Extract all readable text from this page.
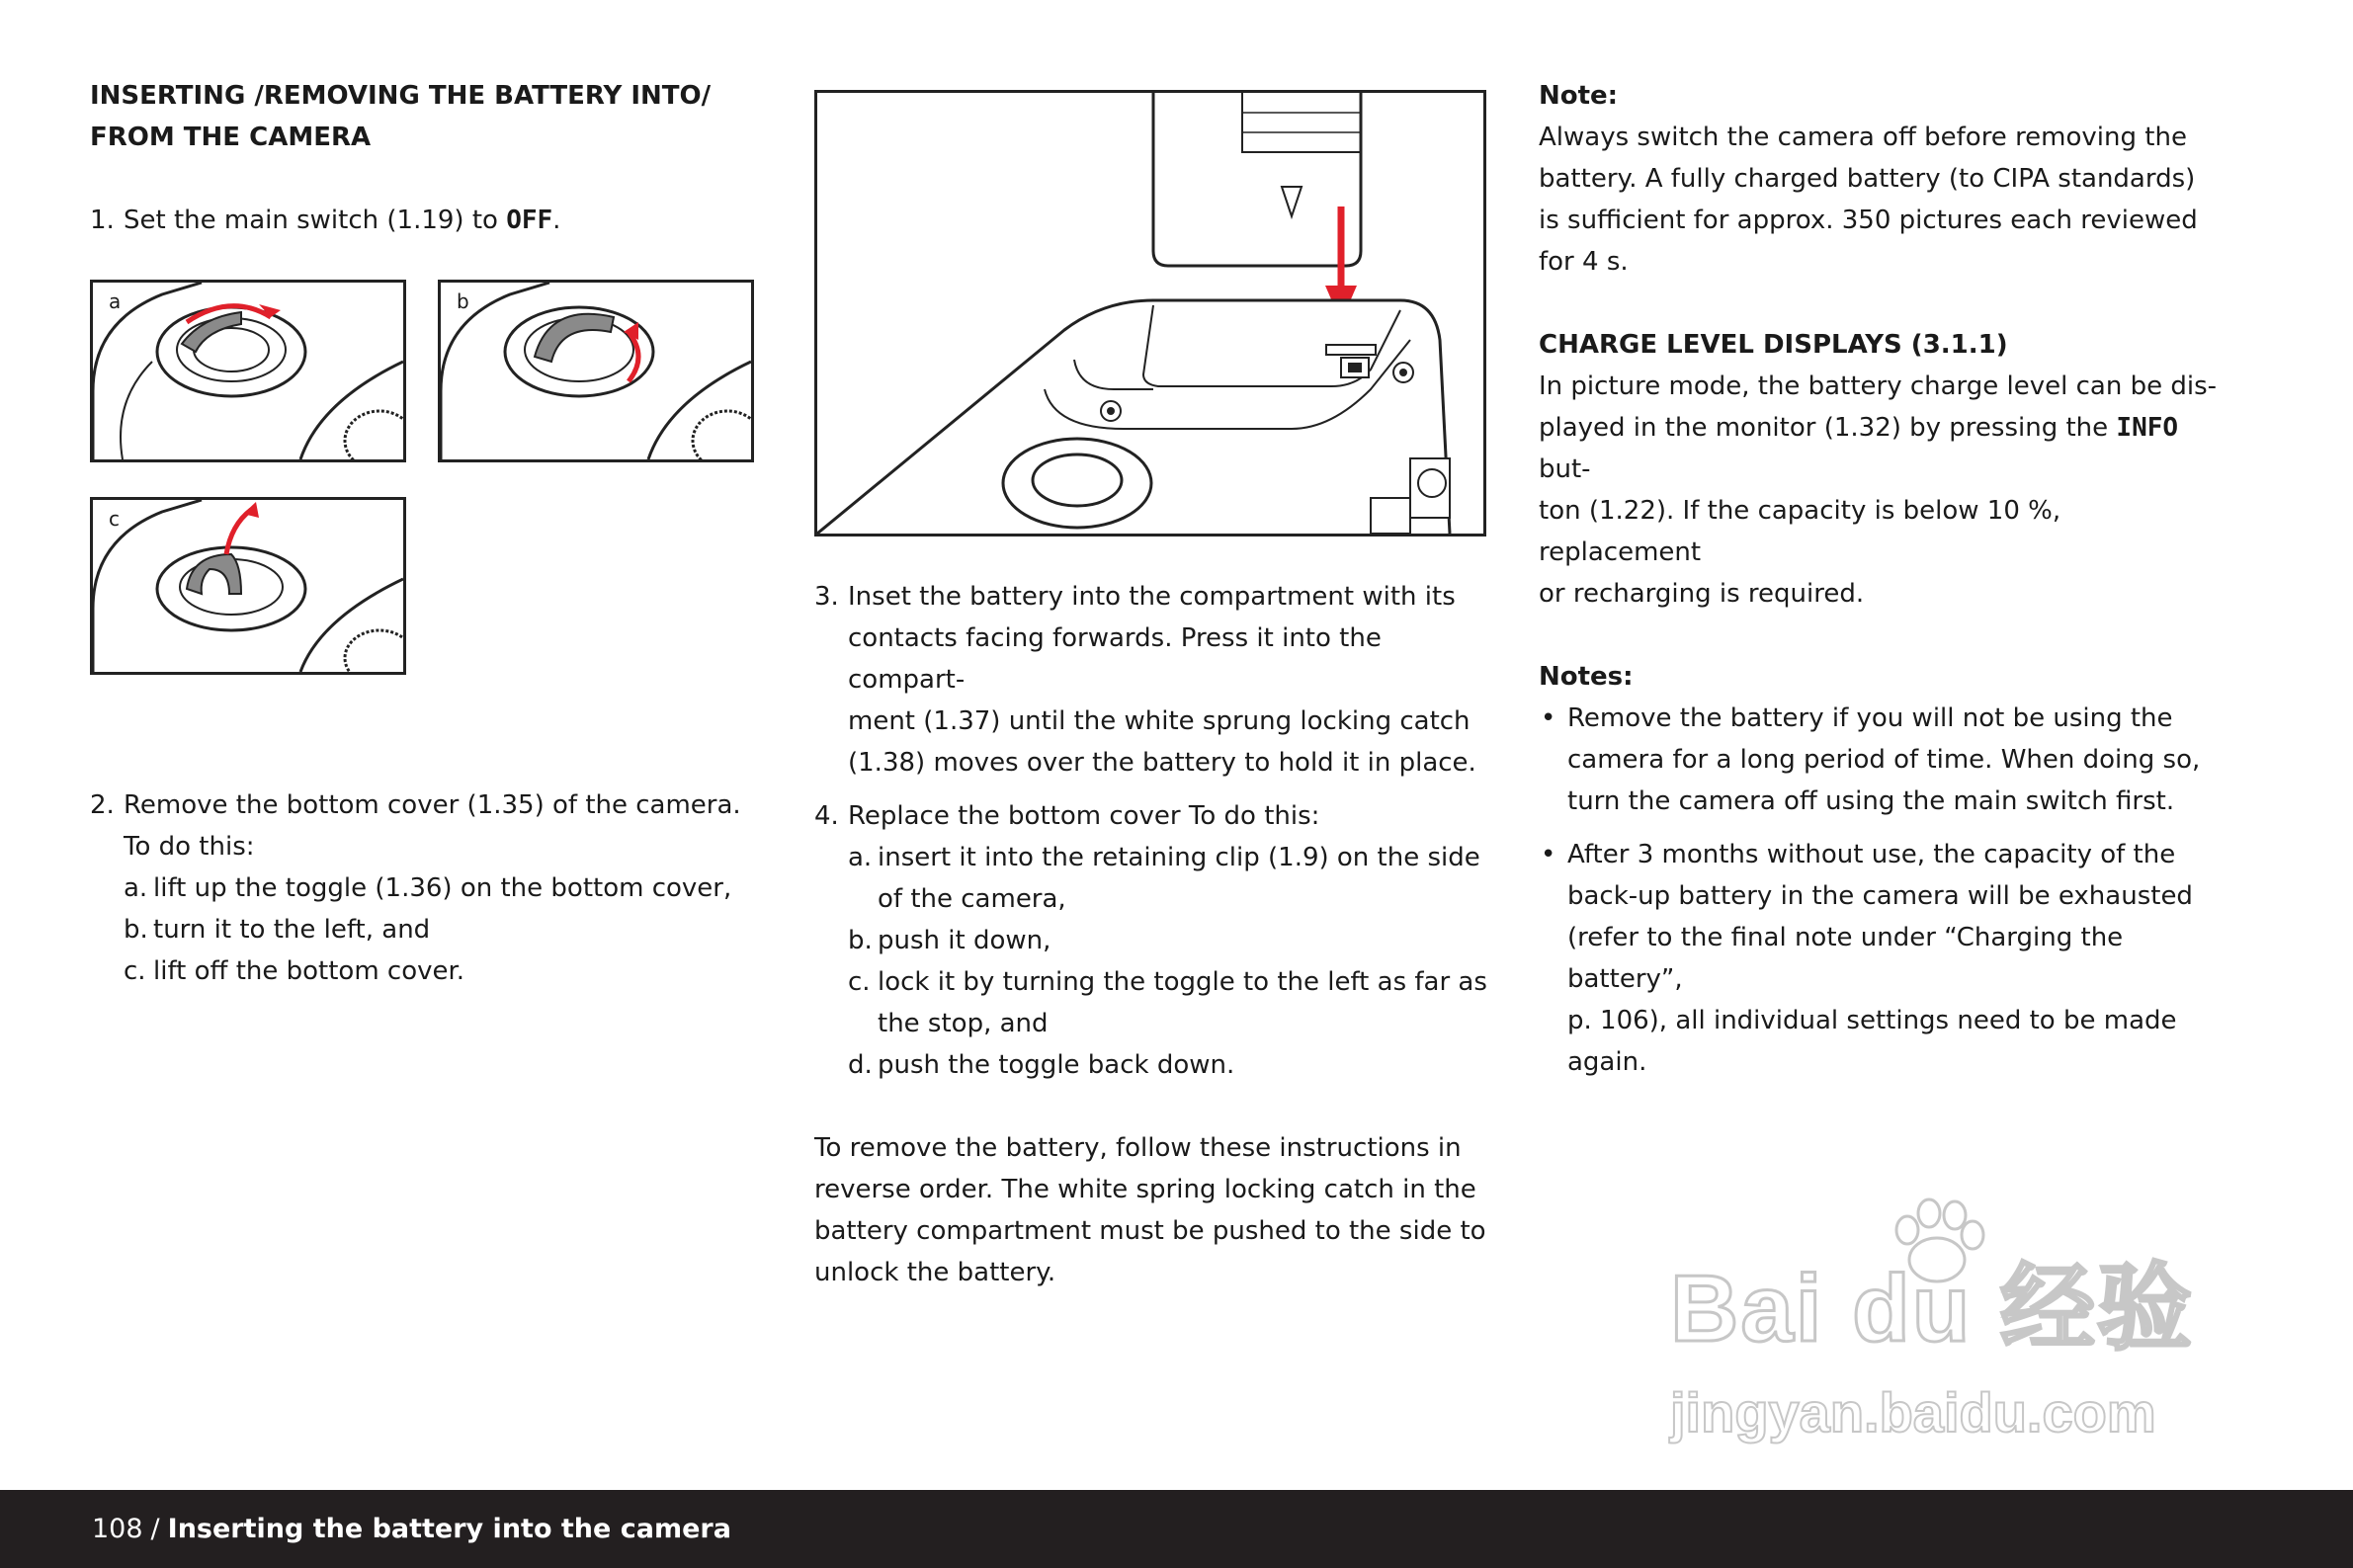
INSERTING /REMOVING THE BATTERY INTO/

FROM THE CAMERA

1. Set the main switch (1.19) to OFF.
2. Remove the bottom cover (1.35) of the camera.

To do this:

a. lift up the toggle (1.36) on the bottom cover,
b. turn it to the left, and
c. lift off the bottom cover.
a	b
c
3. Inset the battery into the compartment with its

contacts facing forwards. Press it into the compart-

ment (1.37) until the white sprung locking catch

(1.38) moves over the battery to hold it in place.

4. Replace the bottom cover To do this:

a. insert it into the retaining clip (1.9) on the side

of the camera,

b. push it down,

c. lock it by turning the toggle to the left as far as

the stop, and

d. push the toggle back down.

To remove the battery, follow these instructions in

reverse order. The white spring locking catch in the

battery compartment must be pushed to the side to

unlock the battery.

Note:

Always switch the camera off before removing the

battery. A fully charged battery (to CIPA standards)

is sufficient for approx. 350 pictures each reviewed

for 4 s.

CHARGE LEVEL DISPLAYS (3.1.1)

In picture mode, the battery charge level can be dis-

played in the monitor (1.32) by pressing the INFO but-

ton (1.22). If the capacity is below 10 %, replacement

or recharging is required.

Notes:

• Remove the battery if you will not be using the

camera for a long period of time. When doing so,

turn the camera off using the main switch first.

• After 3 months without use, the capacity of the

back-up battery in the camera will be exhausted

(refer to the final note under “Charging the battery”,

p. 106), all individual settings need to be made

again.

Bai du 经验
jingyan.baidu.com
108 / Inserting the battery into the camera
